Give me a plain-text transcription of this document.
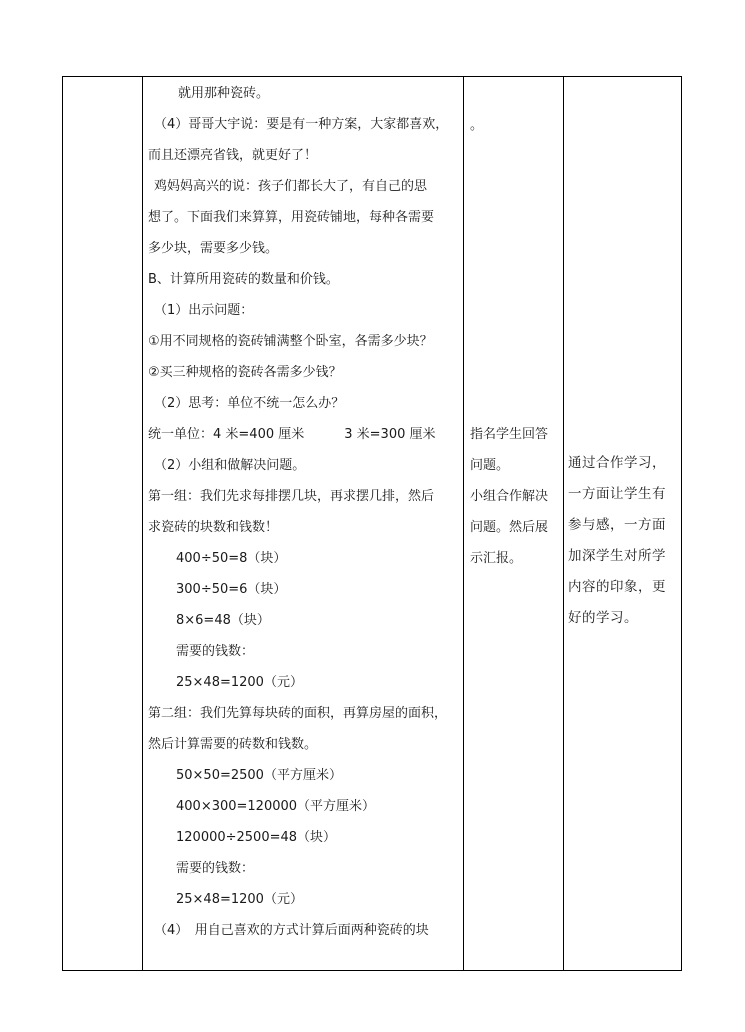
就用那种瓷砖。
（4）哥哥大宇说：要是有一种方案，大家都喜欢，
而且还漂亮省钱，就更好了！
鸡妈妈高兴的说：孩子们都长大了，有自己的思
想了。下面我们来算算，用瓷砖铺地，每种各需要
多少块，需要多少钱。
B、计算所用瓷砖的数量和价钱。
（1）出示问题：
①用不同规格的瓷砖铺满整个卧室，各需多少块？
②买三种规格的瓷砖各需多少钱？
（2）思考：单位不统一怎么办？
统一单位：4 米=400 厘米	3 米=300 厘米
（2）小组和做解决问题。
第一组：我们先求每排摆几块，再求摆几排，然后
求瓷砖的块数和钱数！
400÷50=8（块）
300÷50=6（块）
8×6=48（块）
需要的钱数：
25×48=1200（元）
第二组：我们先算每块砖的面积，再算房屋的面积，
然后计算需要的砖数和钱数。
50×50=2500（平方厘米）
400×300=120000（平方厘米）
120000÷2500=48（块）
需要的钱数：
25×48=1200（元）
（4）　用自己喜欢的方式计算后面两种瓷砖的块
。
指名学生回答
问题。
小组合作解决
问题。然后展
示汇报。
通过合作学习，
一方面让学生有
参与感，一方面
加深学生对所学
内容的印象，更
好的学习。
